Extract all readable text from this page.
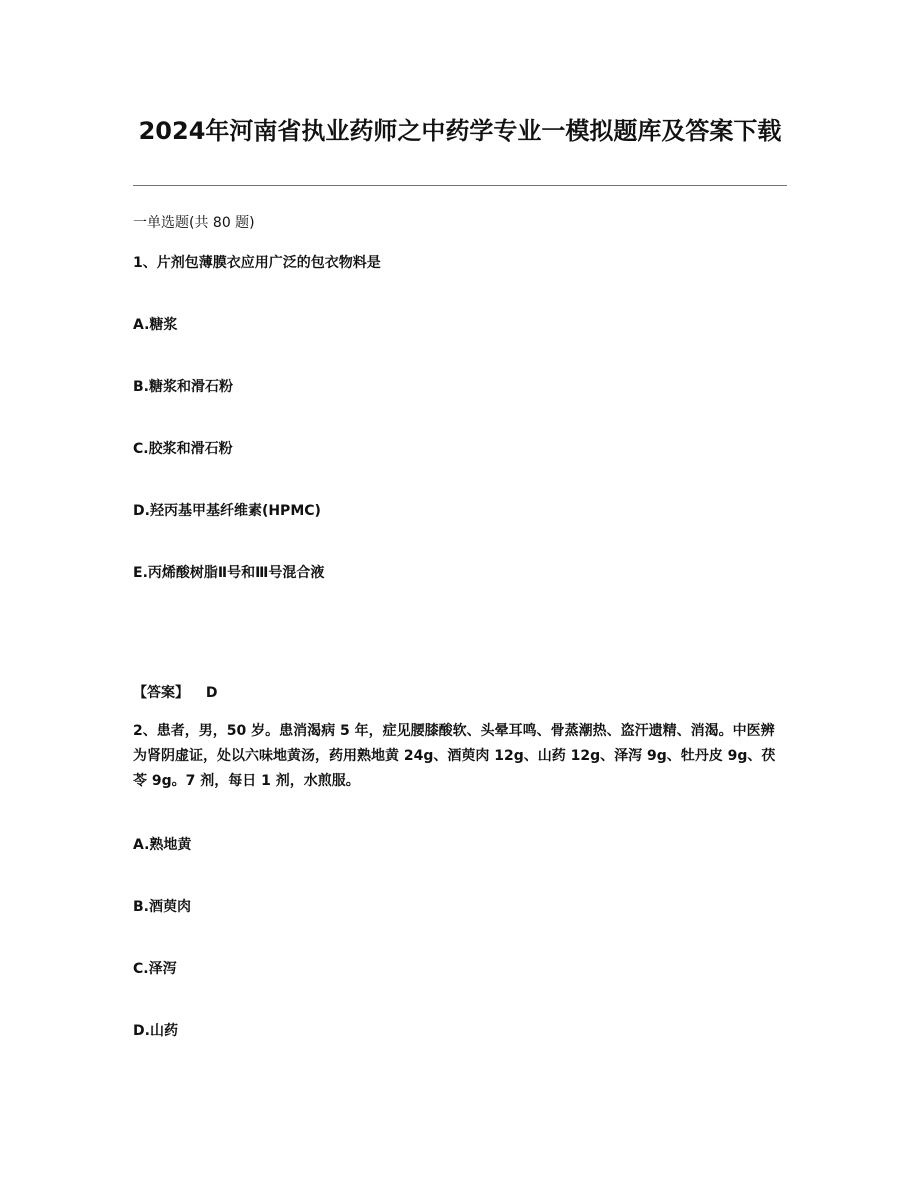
2024年河南省执业药师之中药学专业一模拟题库及答案下载
一单选题(共 80 题)
1、片剂包薄膜衣应用广泛的包衣物料是
A.糖浆
B.糖浆和滑石粉
C.胶浆和滑石粉
D.羟丙基甲基纤维素(HPMC)
E.丙烯酸树脂Ⅱ号和Ⅲ号混合液
【答案】 D
2、患者，男，50 岁。患消渴病 5 年，症见腰膝酸软、头晕耳鸣、骨蒸潮热、盗汗遗精、消渴。中医辨为肾阴虚证，处以六味地黄汤，药用熟地黄 24g、酒萸肉 12g、山药 12g、泽泻 9g、牡丹皮 9g、茯苓 9g。7 剂，每日 1 剂，水煎服。
A.熟地黄
B.酒萸肉
C.泽泻
D.山药
